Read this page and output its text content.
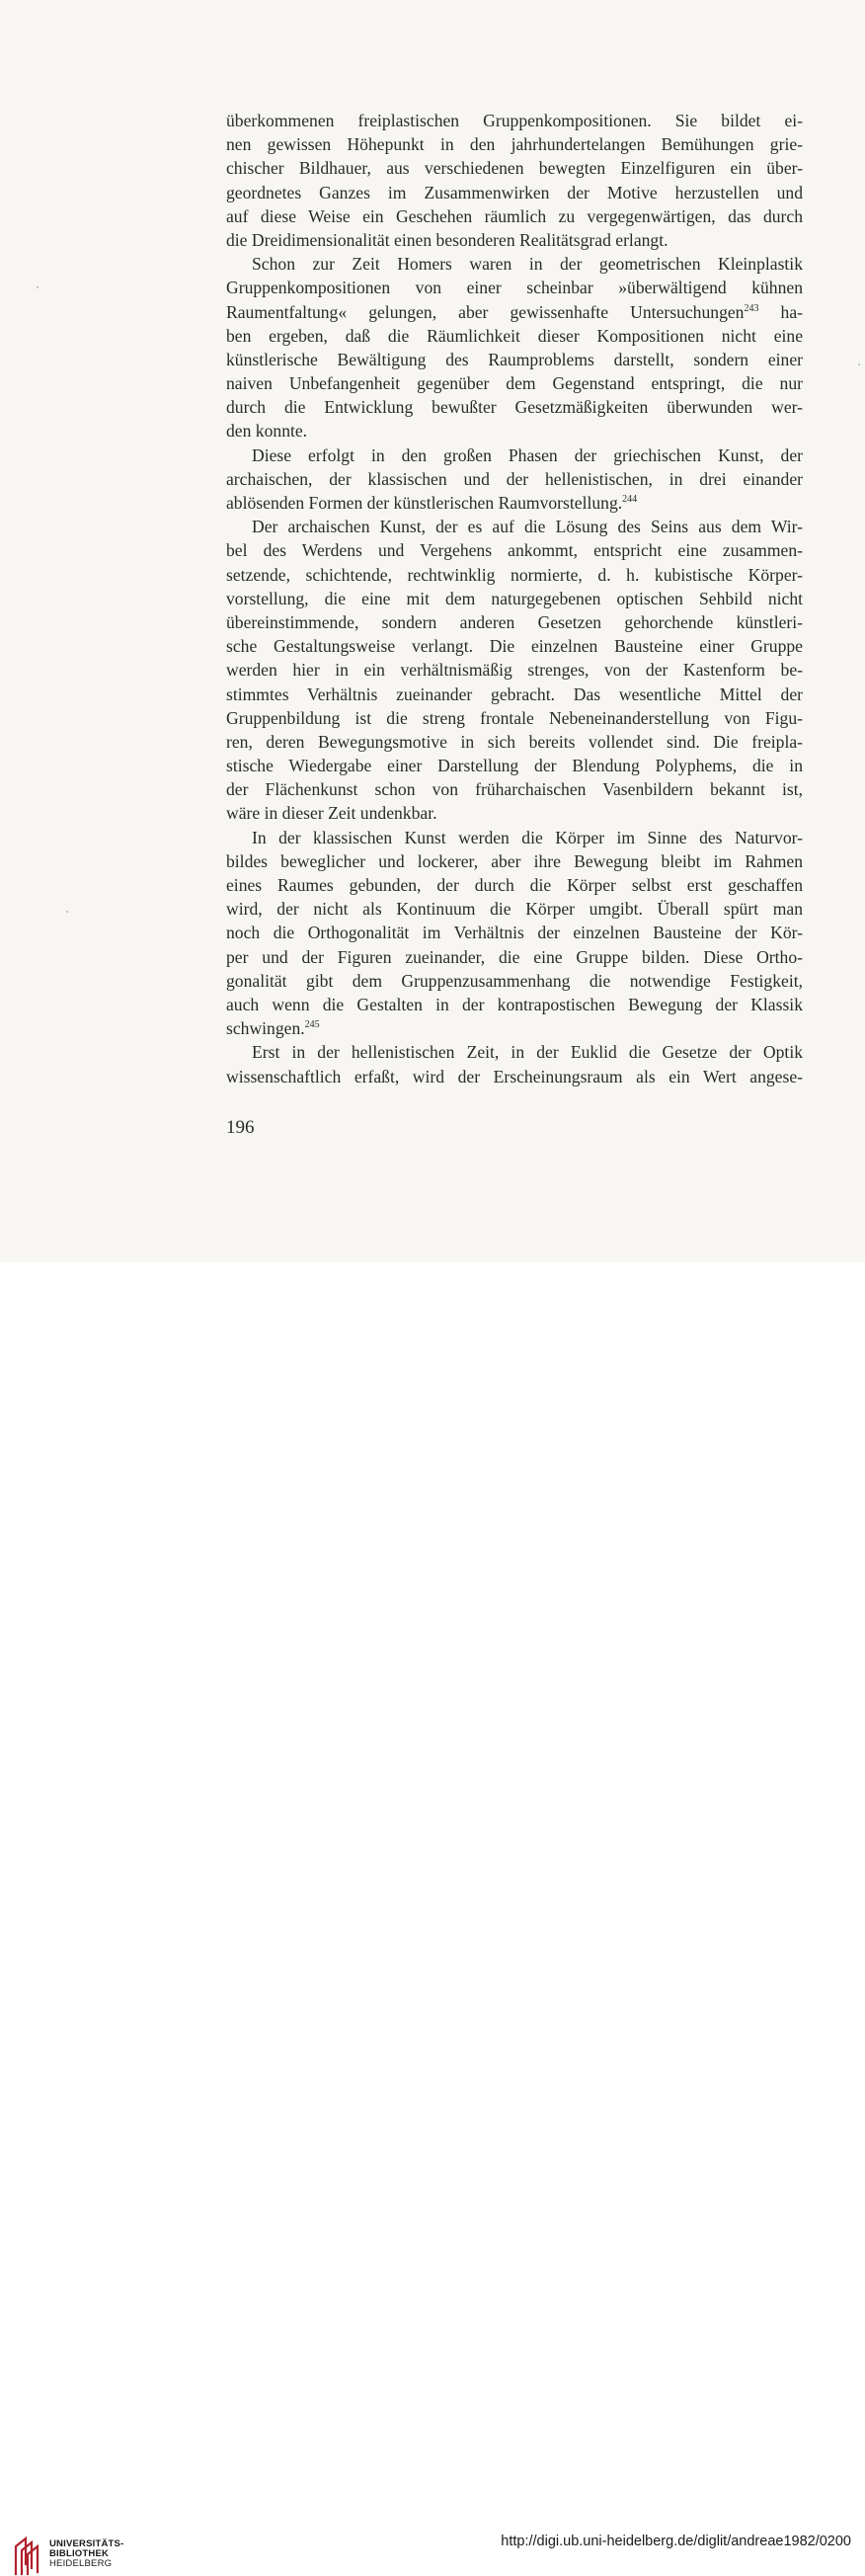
überkommenen freiplastischen Gruppenkompositionen. Sie bildet ei-
nen gewissen Höhepunkt in den jahrhundertelangen Bemühungen grie-
chischer Bildhauer, aus verschiedenen bewegten Einzelfiguren ein über-
geordnetes Ganzes im Zusammenwirken der Motive herzustellen und
auf diese Weise ein Geschehen räumlich zu vergegenwärtigen, das durch
die Dreidimensionalität einen besonderen Realitätsgrad erlangt.
Schon zur Zeit Homers waren in der geometrischen Kleinplastik
Gruppenkompositionen von einer scheinbar »überwältigend kühnen
Raumentfaltung« gelungen, aber gewissenhafte Untersuchungen$^{243}$ ha-
ben ergeben, daß die Räumlichkeit dieser Kompositionen nicht eine
künstlerische Bewältigung des Raumproblems darstellt, sondern einer
naiven Unbefangenheit gegenüber dem Gegenstand entspringt, die nur
durch die Entwicklung bewußter Gesetzmäßigkeiten überwunden wer-
den konnte.
Diese erfolgt in den großen Phasen der griechischen Kunst, der
archaischen, der klassischen und der hellenistischen, in drei einander
ablösenden Formen der künstlerischen Raumvorstellung.$^{244}$
Der archaischen Kunst, der es auf die Lösung des Seins aus dem Wir-
bel des Werdens und Vergehens ankommt, entspricht eine zusammen-
setzende, schichtende, rechtwinklig normierte, d. h. kubistische Körper-
vorstellung, die eine mit dem naturgegebenen optischen Sehbild nicht
übereinstimmende, sondern anderen Gesetzen gehorchende künstleri-
sche Gestaltungsweise verlangt. Die einzelnen Bausteine einer Gruppe
werden hier in ein verhältnismäßig strenges, von der Kastenform be-
stimmtes Verhältnis zueinander gebracht. Das wesentliche Mittel der
Gruppenbildung ist die streng frontale Nebeneinanderstellung von Figu-
ren, deren Bewegungsmotive in sich bereits vollendet sind. Die freipla-
stische Wiedergabe einer Darstellung der Blendung Polyphems, die in
der Flächenkunst schon von früharchaischen Vasenbildern bekannt ist,
wäre in dieser Zeit undenkbar.
In der klassischen Kunst werden die Körper im Sinne des Naturvor-
bildes beweglicher und lockerer, aber ihre Bewegung bleibt im Rahmen
eines Raumes gebunden, der durch die Körper selbst erst geschaffen
wird, der nicht als Kontinuum die Körper umgibt. Überall spürt man
noch die Orthogonalität im Verhältnis der einzelnen Bausteine der Kör-
per und der Figuren zueinander, die eine Gruppe bilden. Diese Ortho-
gonalität gibt dem Gruppenzusammenhang die notwendige Festigkeit,
auch wenn die Gestalten in der kontrapostischen Bewegung der Klassik
schwingen.$^{245}$
Erst in der hellenistischen Zeit, in der Euklid die Gesetze der Optik
wissenschaftlich erfaßt, wird der Erscheinungsraum als ein Wert angese-
196
UNIVERSITÄTS-
BIBLIOTHEK
HEIDELBERG
http://digi.ub.uni-heidelberg.de/diglit/andreae1982/0200
